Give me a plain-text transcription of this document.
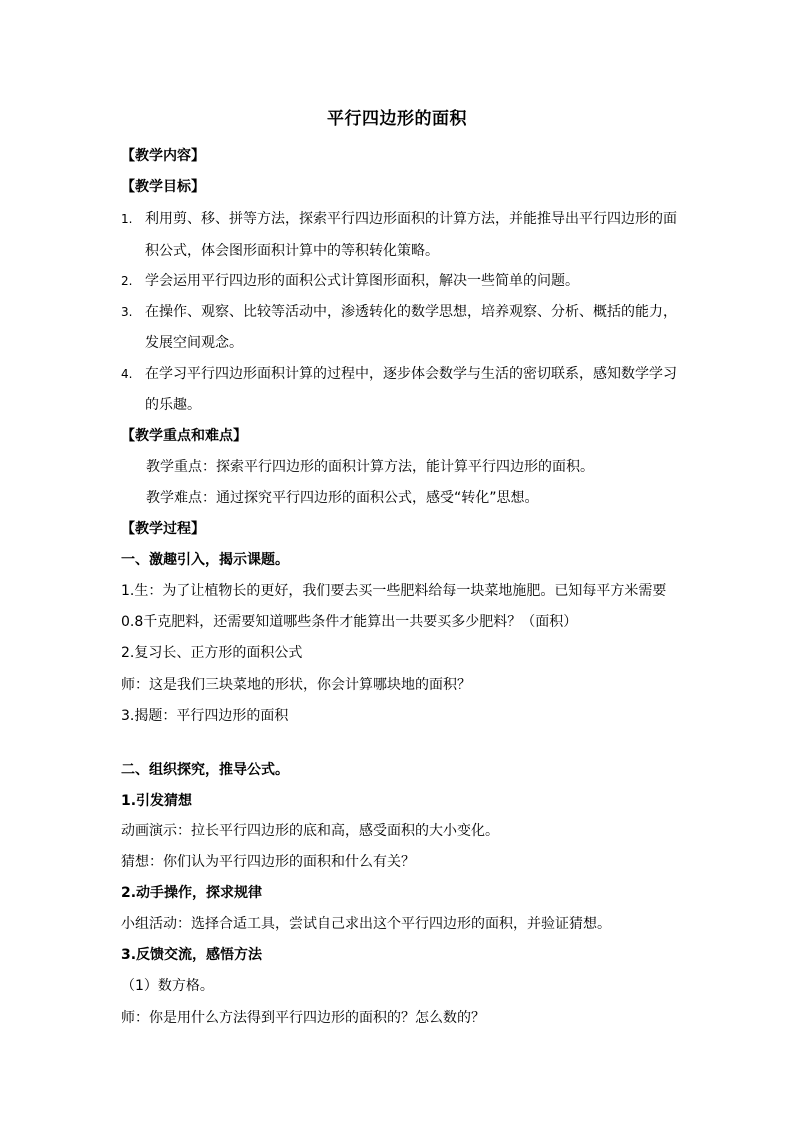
平行四边形的面积
【教学内容】
【教学目标】
1. 利用剪、移、拼等方法，探索平行四边形面积的计算方法，并能推导出平行四边形的面
积公式，体会图形面积计算中的等积转化策略。
2. 学会运用平行四边形的面积公式计算图形面积，解决一些简单的问题。
3. 在操作、观察、比较等活动中，渗透转化的数学思想，培养观察、分析、概括的能力，
发展空间观念。
4. 在学习平行四边形面积计算的过程中，逐步体会数学与生活的密切联系，感知数学学习
的乐趣。
【教学重点和难点】
教学重点：探索平行四边形的面积计算方法，能计算平行四边形的面积。
教学难点：通过探究平行四边形的面积公式，感受“转化”思想。
【教学过程】
一、激趣引入，揭示课题。
1.生：为了让植物长的更好，我们要去买一些肥料给每一块菜地施肥。已知每平方米需要
0.8千克肥料，还需要知道哪些条件才能算出一共要买多少肥料？（面积）
2.复习长、正方形的面积公式
师：这是我们三块菜地的形状，你会计算哪块地的面积？
3.揭题：平行四边形的面积
二、组织探究，推导公式。
1.引发猜想
动画演示：拉长平行四边形的底和高，感受面积的大小变化。
猜想：你们认为平行四边形的面积和什么有关？
2.动手操作，探求规律
小组活动：选择合适工具，尝试自己求出这个平行四边形的面积，并验证猜想。
3.反馈交流，感悟方法
（1）数方格。
师：你是用什么方法得到平行四边形的面积的？怎么数的？
